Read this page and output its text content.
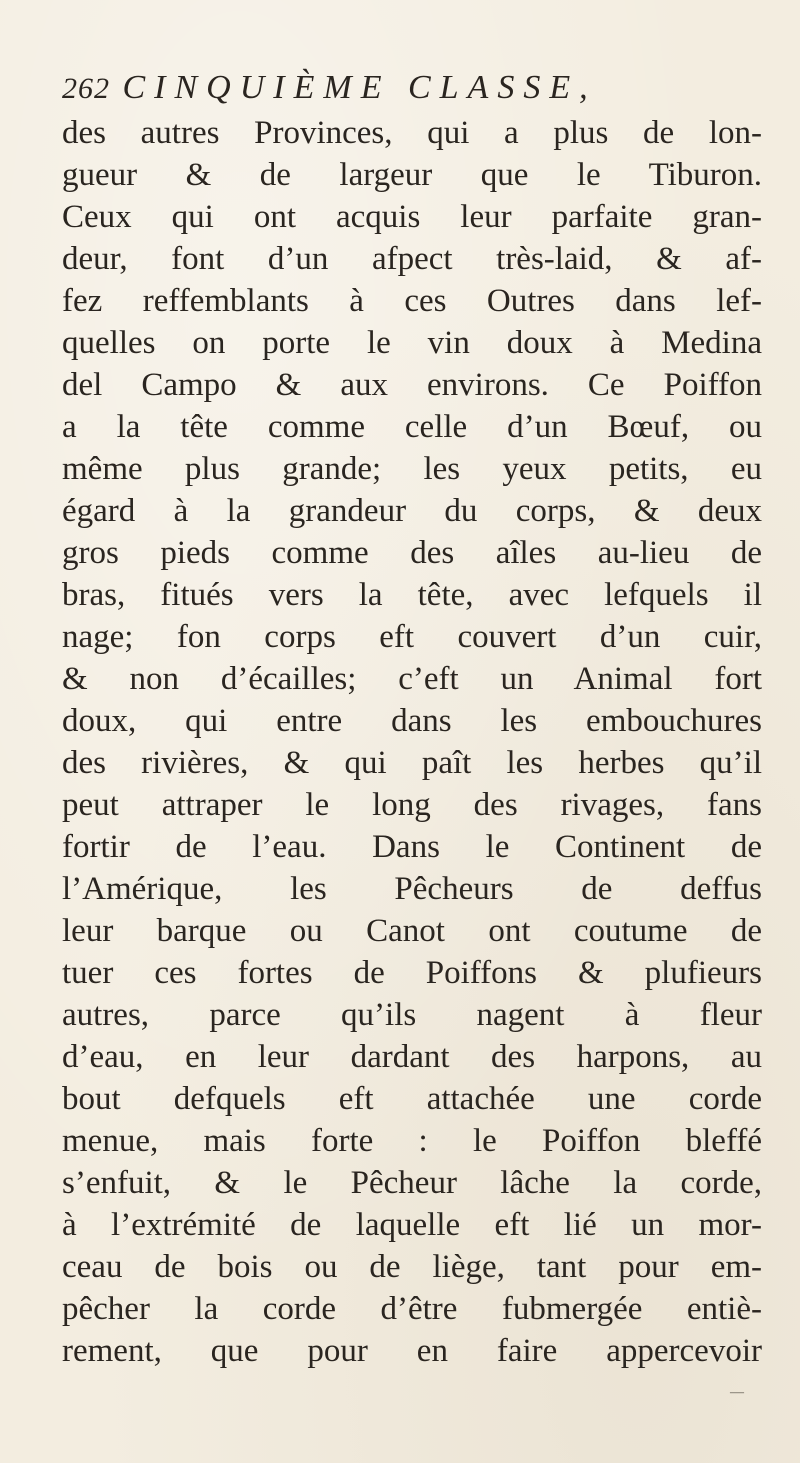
262 CINQUIÈME CLASSE,
des autres Provinces, qui a plus de lon-
gueur & de largeur que le Tiburon.
Ceux qui ont acquis leur parfaite gran-
deur, font d’un afpect très-laid, & af-
fez reffemblants à ces Outres dans lef-
quelles on porte le vin doux à Medina
del Campo & aux environs. Ce Poiffon
a la tête comme celle d’un Bœuf, ou
même plus grande; les yeux petits, eu
égard à la grandeur du corps, & deux
gros pieds comme des aîles au-lieu de
bras, fitués vers la tête, avec lefquels il
nage; fon corps eft couvert d’un cuir,
& non d’écailles; c’eft un Animal fort
doux, qui entre dans les embouchures
des rivières, & qui paît les herbes qu’il
peut attraper le long des rivages, fans
fortir de l’eau. Dans le Continent de
l’Amérique, les Pêcheurs de deffus
leur barque ou Canot ont coutume de
tuer ces fortes de Poiffons & plufieurs
autres, parce qu’ils nagent à fleur
d’eau, en leur dardant des harpons, au
bout defquels eft attachée une corde
menue, mais forte : le Poiffon bleffé
s’enfuit, & le Pêcheur lâche la corde,
à l’extrémité de laquelle eft lié un mor-
ceau de bois ou de liège, tant pour em-
pêcher la corde d’être fubmergée entiè-
rement, que pour en faire appercevoir
—
